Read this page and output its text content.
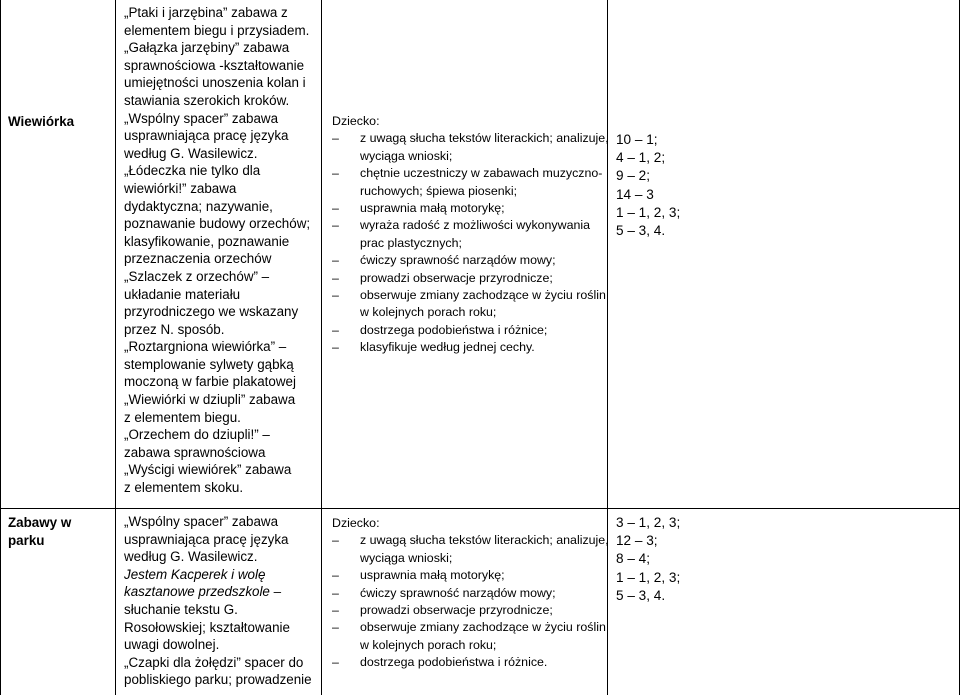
Wiewiórka
„Ptaki i jarzębina” zabawa z
elementem biegu i przysiadem.
„Gałązka jarzębiny” zabawa
sprawnościowa -kształtowanie
umiejętności unoszenia kolan i
stawiania szerokich kroków.
„Wspólny spacer” zabawa
usprawniająca pracę języka
według G. Wasilewicz.
„Łódeczka nie tylko dla
wiewiórki!” zabawa
dydaktyczna; nazywanie,
poznawanie budowy orzechów;
klasyfikowanie, poznawanie
przeznaczenia orzechów
„Szlaczek z orzechów” –
układanie materiału
przyrodniczego we wskazany
przez N. sposób.
„Roztargniona wiewiórka” –
stemplowanie sylwety gąbką
moczoną w farbie plakatowej
„Wiewiórki w dziupli” zabawa
z elementem biegu.
„Orzechem do dziupli!” –
zabawa sprawnościowa
„Wyścigi wiewiórek” zabawa
z elementem skoku.
Dziecko:
– z uwagą słucha tekstów literackich; analizuje,
wyciąga wnioski;
– chętnie uczestniczy w zabawach muzyczno-
ruchowych; śpiewa piosenki;
– usprawnia małą motorykę;
– wyraża radość z możliwości wykonywania
prac plastycznych;
– ćwiczy sprawność narządów mowy;
– prowadzi obserwacje przyrodnicze;
– obserwuje zmiany zachodzące w życiu roślin
w kolejnych porach roku;
– dostrzega podobieństwa i różnice;
– klasyfikuje według jednej cechy.
10 – 1;
4 – 1, 2;
9 – 2;
14 – 3
1 – 1, 2, 3;
5 – 3, 4.
Zabawy w
parku
„Wspólny spacer” zabawa
usprawniająca pracę języka
według G. Wasilewicz.
Jestem Kacperek i wolę
kasztanowe przedszkole –
słuchanie tekstu G.
Rosołowskiej; kształtowanie
uwagi dowolnej.
„Czapki dla żołędzi” spacer do
pobliskiego parku; prowadzenie
Dziecko:
– z uwagą słucha tekstów literackich; analizuje,
wyciąga wnioski;
– usprawnia małą motorykę;
– ćwiczy sprawność narządów mowy;
– prowadzi obserwacje przyrodnicze;
– obserwuje zmiany zachodzące w życiu roślin
w kolejnych porach roku;
– dostrzega podobieństwa i różnice.
3 – 1, 2, 3;
12 – 3;
8 – 4;
1 – 1, 2, 3;
5 – 3, 4.
